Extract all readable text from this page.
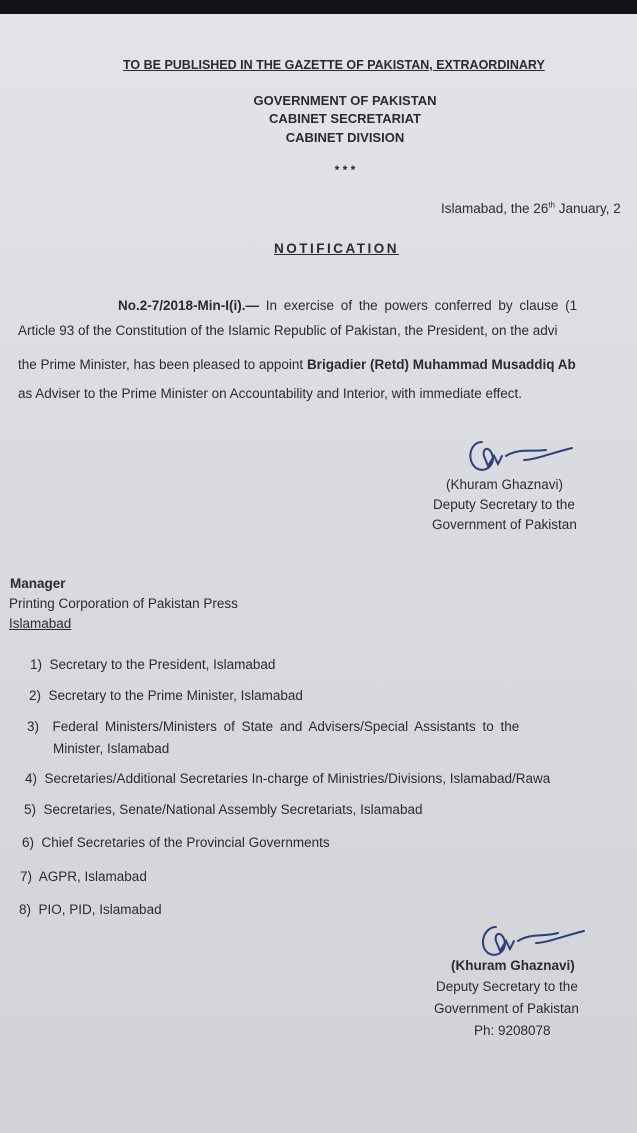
TO BE PUBLISHED IN THE GAZETTE OF PAKISTAN, EXTRAORDINARY
GOVERNMENT OF PAKISTAN
CABINET SECRETARIAT
CABINET DIVISION
* * *
Islamabad, the 26th January, 2
NOTIFICATION
No.2-7/2018-Min-I(i).— In exercise of the powers conferred by clause (1
Article 93 of the Constitution of the Islamic Republic of Pakistan, the President, on the advi
the Prime Minister, has been pleased to appoint Brigadier (Retd) Muhammad Musaddiq Ab
as Adviser to the Prime Minister on Accountability and Interior, with immediate effect.
(Khuram Ghaznavi)
Deputy Secretary to the
Government of Pakistan
Manager
Printing Corporation of Pakistan Press
Islamabad
1) Secretary to the President, Islamabad
2) Secretary to the Prime Minister, Islamabad
3) Federal Ministers/Ministers of State and Advisers/Special Assistants to the
Minister, Islamabad
4) Secretaries/Additional Secretaries In-charge of Ministries/Divisions, Islamabad/Rawa
5) Secretaries, Senate/National Assembly Secretariats, Islamabad
6) Chief Secretaries of the Provincial Governments
7) AGPR, Islamabad
8) PIO, PID, Islamabad
(Khuram Ghaznavi)
Deputy Secretary to the
Government of Pakistan
Ph: 9208078
